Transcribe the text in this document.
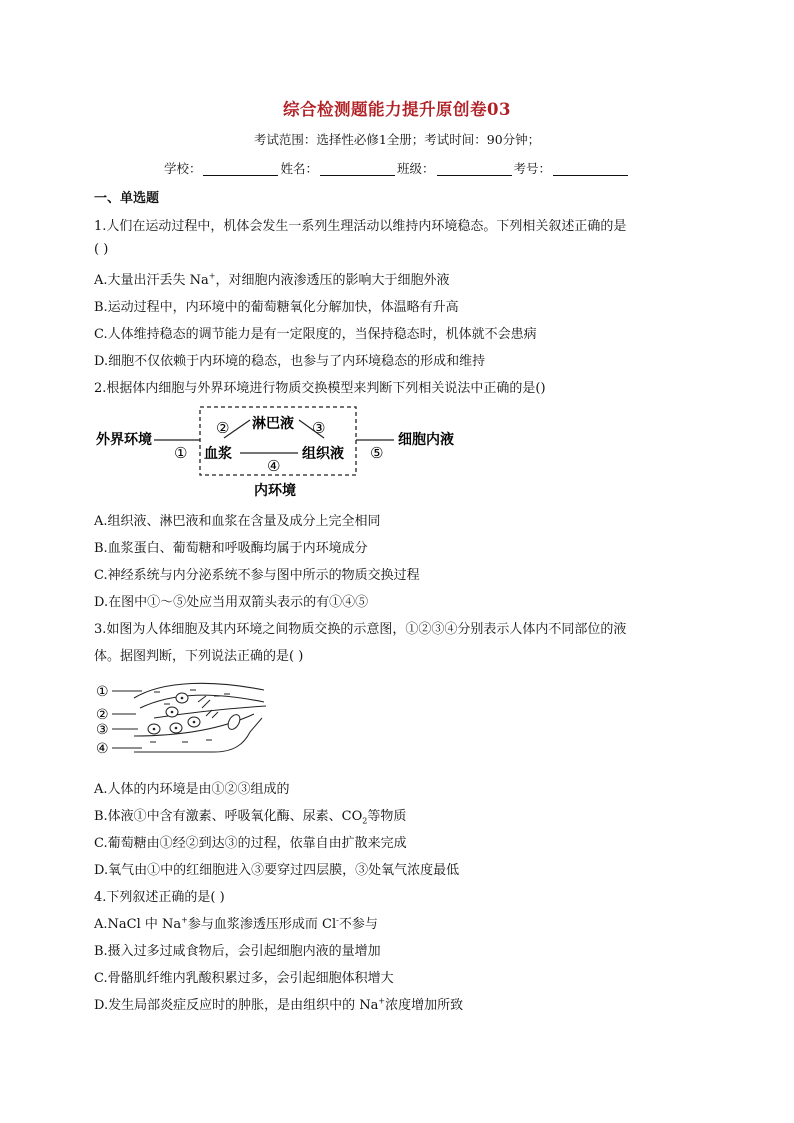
综合检测题能力提升原创卷03
考试范围：选择性必修1全册；考试时间：90分钟；
学校：	姓名：	班级：	考号：
一、单选题
1.人们在运动过程中，机体会发生一系列生理活动以维持内环境稳态。下列相关叙述正确的是
( )
A.大量出汗丢失 Na+，对细胞内液渗透压的影响大于细胞外液
B.运动过程中，内环境中的葡萄糖氧化分解加快，体温略有升高
C.人体维持稳态的调节能力是有一定限度的，当保持稳态时，机体就不会患病
D.细胞不仅依赖于内环境的稳态，也参与了内环境稳态的形成和维持
2.根据体内细胞与外界环境进行物质交换模型来判断下列相关说法中正确的是()
外界环境
①
淋巴液
②	③
血浆
④
组织液 ⑤
细胞内液
内环境
A.组织液、淋巴液和血浆在含量及成分上完全相同
B.血浆蛋白、葡萄糖和呼吸酶均属于内环境成分
C.神经系统与内分泌系统不参与图中所示的物质交换过程
D.在图中①～⑤处应当用双箭头表示的有①④⑤
3.如图为人体细胞及其内环境之间物质交换的示意图，①②③④分别表示人体内不同部位的液
体。据图判断，下列说法正确的是( )
①
②
③
④
A.人体的内环境是由①②③组成的
B.体液①中含有激素、呼吸氧化酶、尿素、$CO_2$等物质
C.葡萄糖由①经②到达③的过程，依靠自由扩散来完成
D.氧气由①中的红细胞进入③要穿过四层膜，③处氧气浓度最低
4.下列叙述正确的是( )
A.NaCl 中 Na+参与血浆渗透压形成而 Cl-不参与
B.摄入过多过咸食物后，会引起细胞内液的量增加
C.骨骼肌纤维内乳酸积累过多，会引起细胞体积增大
D.发生局部炎症反应时的肿胀，是由组织中的 Na+浓度增加所致
